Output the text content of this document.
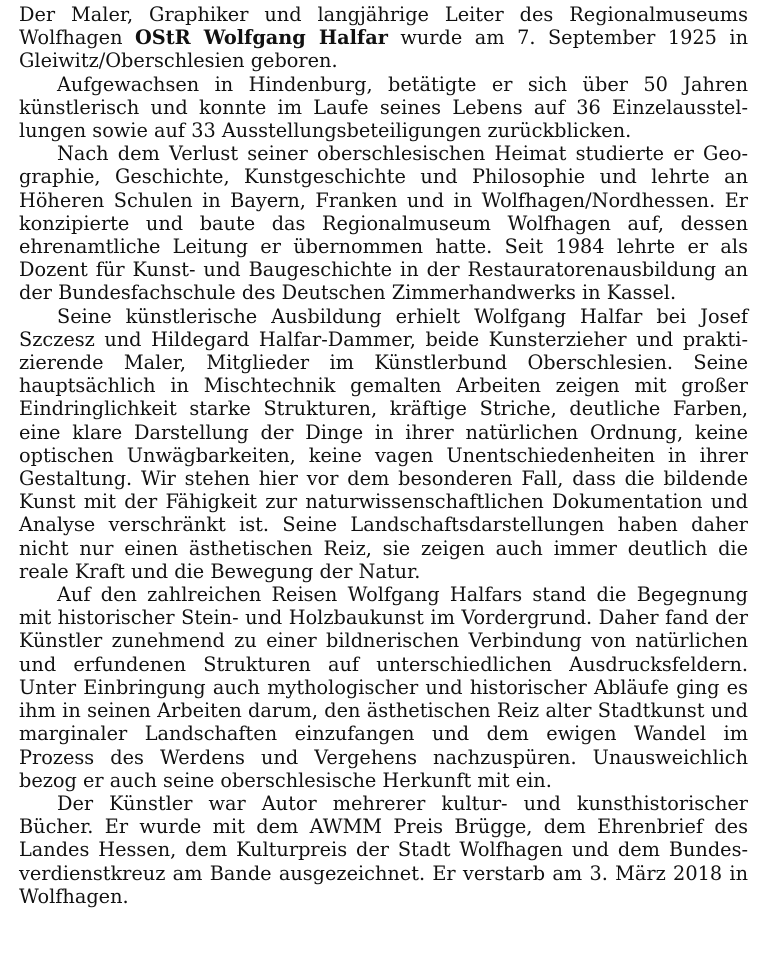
Der Maler, Graphiker und langjährige Leiter des Regionalmuseums Wolfhagen OStR Wolfgang Halfar wurde am 7. September 1925 in Gleiwitz/Oberschlesien geboren.

Aufgewachsen in Hindenburg, betätigte er sich über 50 Jahren künstlerisch und konnte im Laufe seines Lebens auf 36 Einzelausstellungen sowie auf 33 Ausstellungsbeteiligungen zurückblicken.

Nach dem Verlust seiner oberschlesischen Heimat studierte er Geographie, Geschichte, Kunstgeschichte und Philosophie und lehrte an Höheren Schulen in Bayern, Franken und in Wolfhagen/Nordhessen. Er konzipierte und baute das Regionalmuseum Wolfhagen auf, dessen ehrenamtliche Leitung er übernommen hatte. Seit 1984 lehrte er als Dozent für Kunst- und Baugeschichte in der Restauratorenausbildung an der Bundesfachschule des Deutschen Zimmerhandwerks in Kassel.

Seine künstlerische Ausbildung erhielt Wolfgang Halfar bei Josef Szczesz und Hildegard Halfar-Dammer, beide Kunsterzieher und praktizierende Maler, Mitglieder im Künstlerbund Oberschlesien. Seine hauptsächlich in Mischtechnik gemalten Arbeiten zeigen mit großer Eindringlichkeit starke Strukturen, kräftige Striche, deutliche Farben, eine klare Darstellung der Dinge in ihrer natürlichen Ordnung, keine optischen Unwägbarkeiten, keine vagen Unentschiedenheiten in ihrer Gestaltung. Wir stehen hier vor dem besonderen Fall, dass die bildende Kunst mit der Fähigkeit zur naturwissenschaftlichen Dokumentation und Analyse verschränkt ist. Seine Landschaftsdarstellungen haben daher nicht nur einen ästhetischen Reiz, sie zeigen auch immer deutlich die reale Kraft und die Bewegung der Natur.

Auf den zahlreichen Reisen Wolfgang Halfars stand die Begegnung mit historischer Stein- und Holzbaukunst im Vordergrund. Daher fand der Künstler zunehmend zu einer bildnerischen Verbindung von natürlichen und erfundenen Strukturen auf unterschiedlichen Ausdrucksfeldern. Unter Einbringung auch mythologischer und historischer Abläufe ging es ihm in seinen Arbeiten darum, den ästhetischen Reiz alter Stadtkunst und marginaler Landschaften einzufangen und dem ewigen Wandel im Prozess des Werdens und Vergehens nachzuspüren. Unausweichlich bezog er auch seine oberschlesische Herkunft mit ein.

Der Künstler war Autor mehrerer kultur- und kunsthistorischer Bücher. Er wurde mit dem AWMM Preis Brügge, dem Ehrenbrief des Landes Hessen, dem Kulturpreis der Stadt Wolfhagen und dem Bundesverdienstkreuz am Bande ausgezeichnet. Er verstarb am 3. März 2018 in Wolfhagen.
